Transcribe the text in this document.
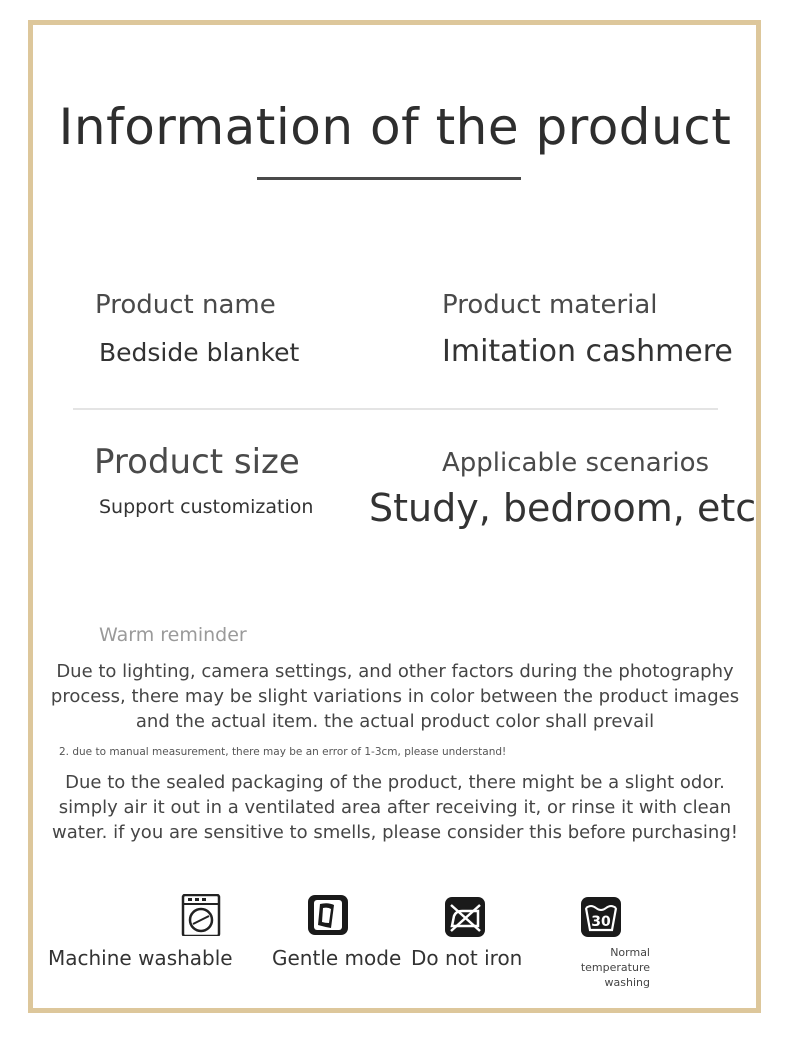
Information of the product
Product name
Bedside blanket
Product material
Imitation cashmere
Product size
Support customization
Applicable scenarios
Study, bedroom, etc
Warm reminder
Due to lighting, camera settings, and other factors during the photography process, there may be slight variations in color between the product images and the actual item. the actual product color shall prevail
2. due to manual measurement, there may be an error of 1-3cm, please understand!
Due to the sealed packaging of the product, there might be a slight odor. simply air it out in a ventilated area after receiving it, or rinse it with clean water. if you are sensitive to smells, please consider this before purchasing!
Machine washable Gentle mode Do not iron
30
Normal temperature washing
